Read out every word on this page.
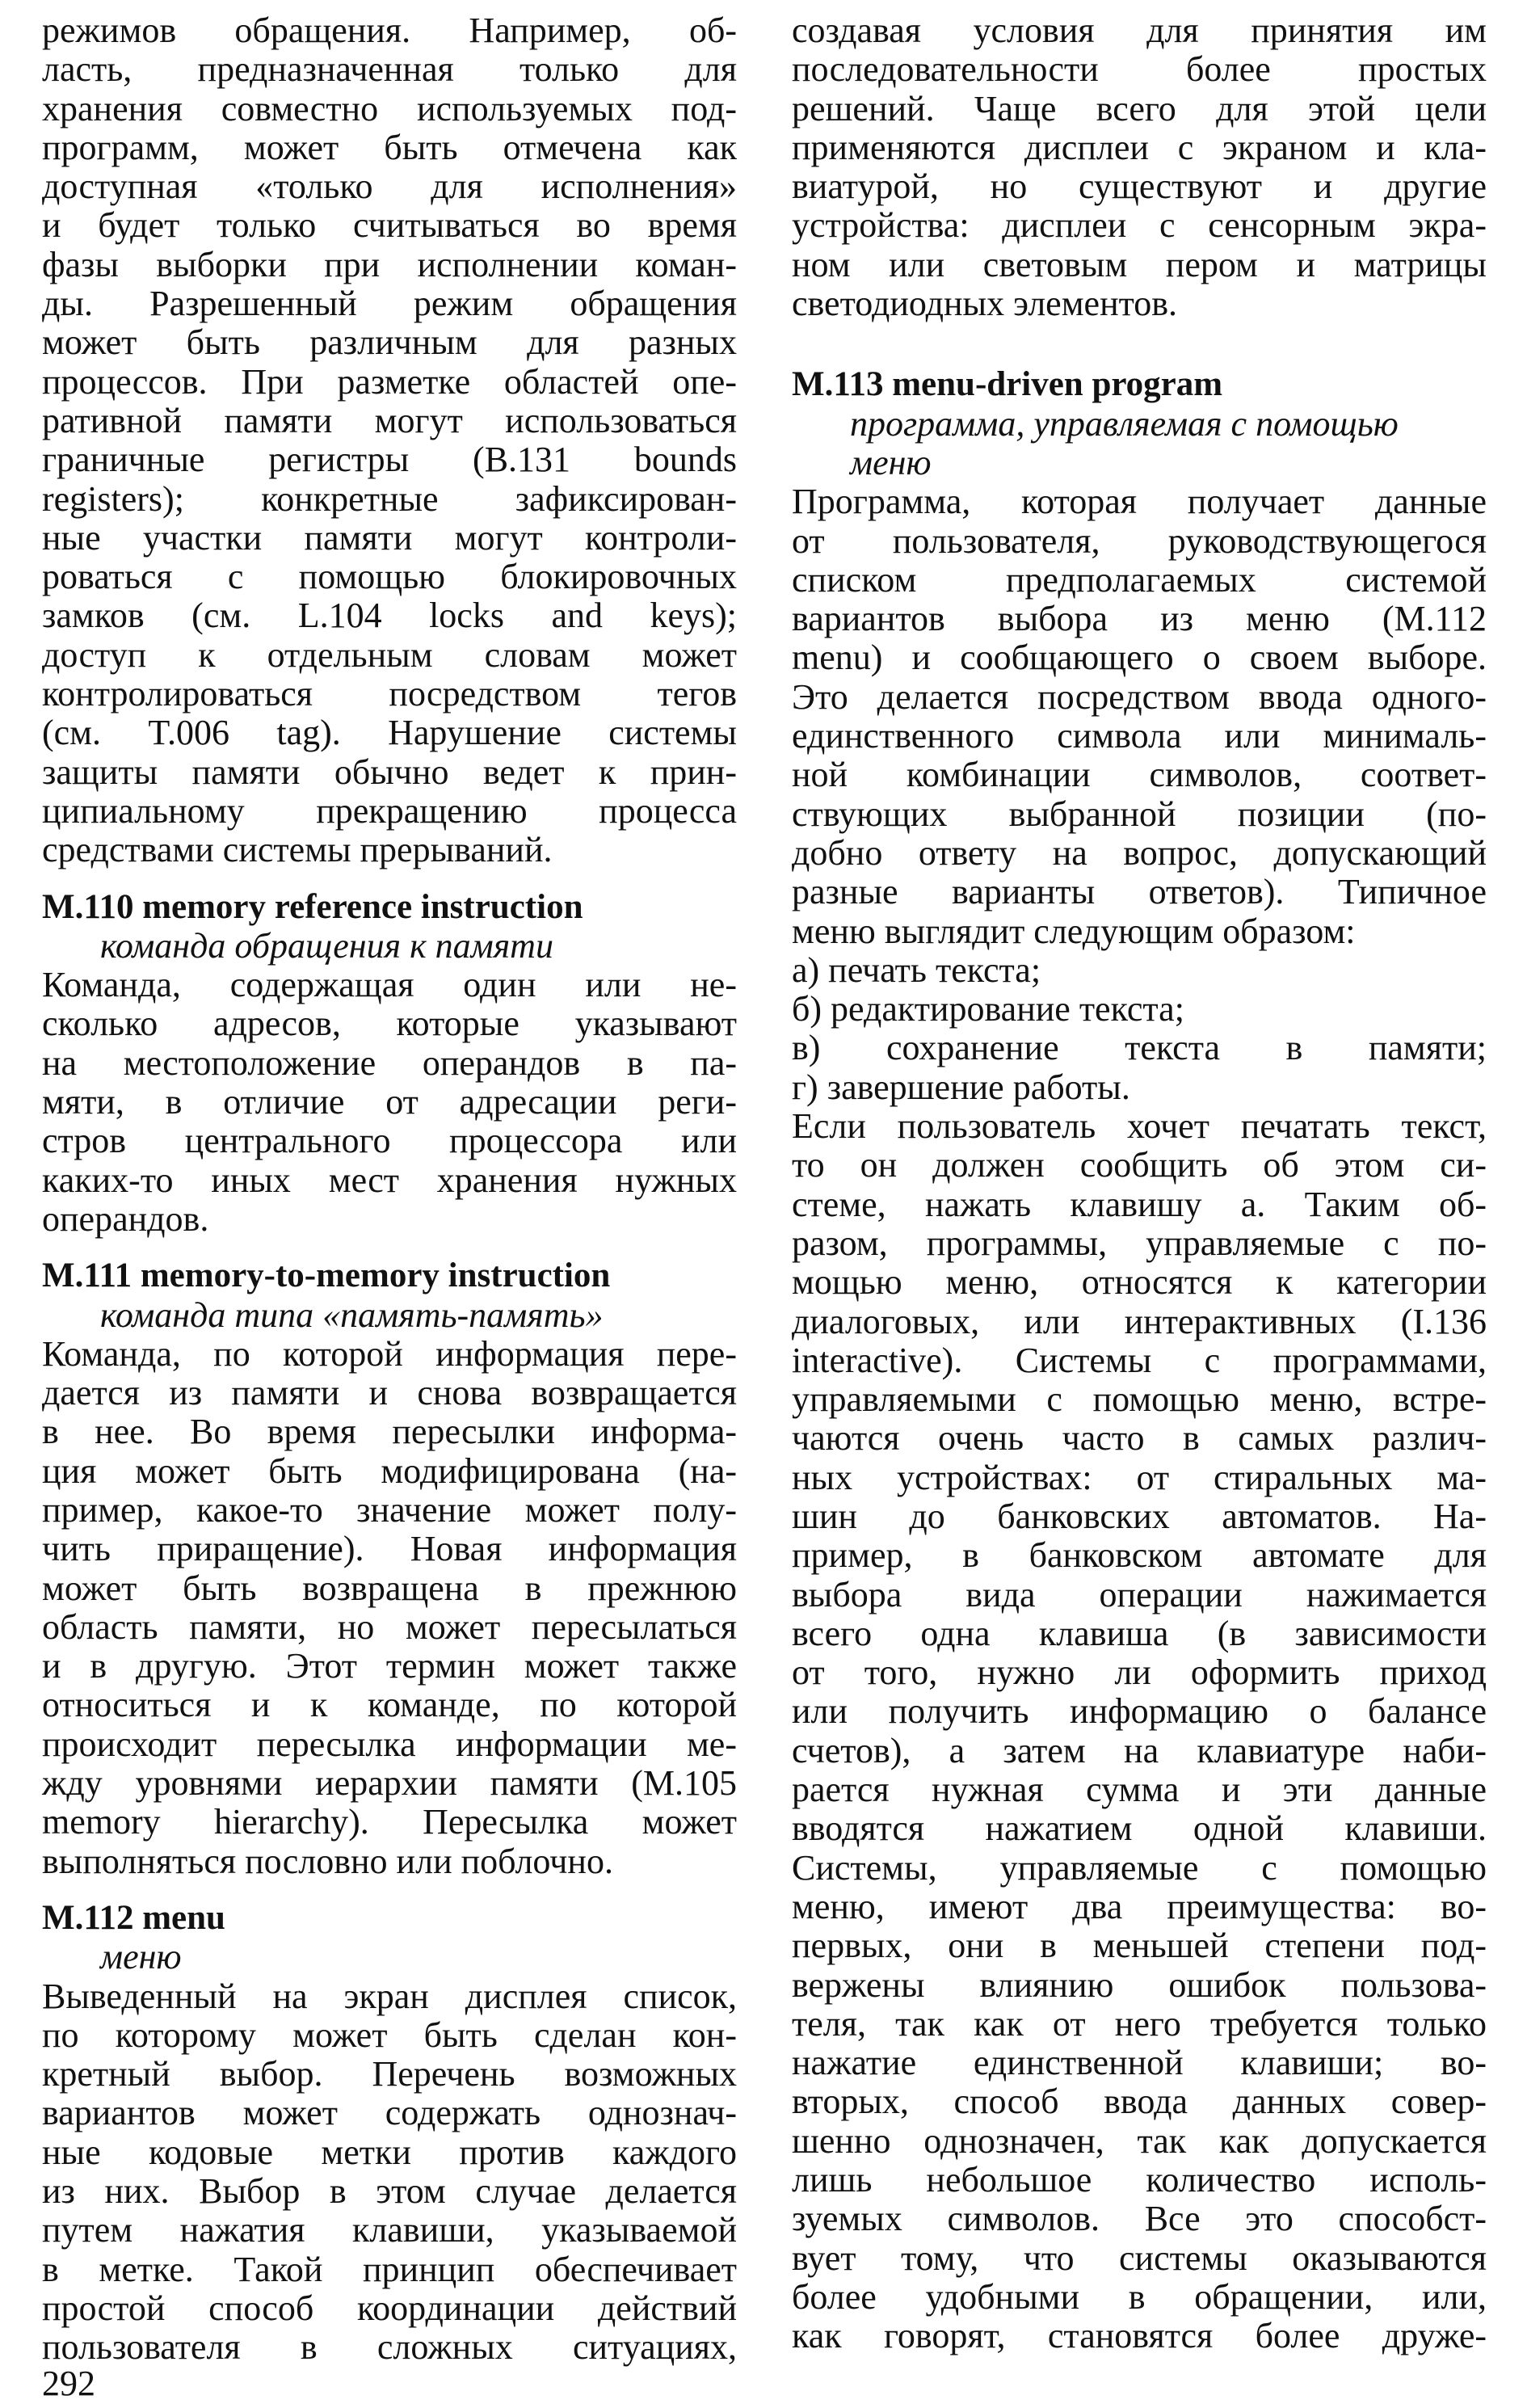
режимов обращения. Например, об-
ласть, предназначенная только для
хранения совместно используемых под-
программ, может быть отмечена как
доступная «только для исполнения»
и будет только считываться во время
фазы выборки при исполнении коман-
ды. Разрешенный режим обращения
может быть различным для разных
процессов. При разметке областей опе-
ративной памяти могут использоваться
граничные регистры (B.131 bounds
registers); конкретные зафиксирован-
ные участки памяти могут контроли-
роваться с помощью блокировочных
замков (см. L.104 locks and keys);
доступ к отдельным словам может
контролироваться посредством тегов
(см. T.006 tag). Нарушение системы
защиты памяти обычно ведет к прин-
ципиальному прекращению процесса
средствами системы прерываний.
M.110 memory reference instruction
команда обращения к памяти
Команда, содержащая один или не-
сколько адресов, которые указывают
на местоположение операндов в па-
мяти, в отличие от адресации реги-
стров центрального процессора или
каких-то иных мест хранения нужных
операндов.
M.111 memory-to-memory instruction
команда типа «память-память»
Команда, по которой информация пере-
дается из памяти и снова возвращается
в нее. Во время пересылки информа-
ция может быть модифицирована (на-
пример, какое-то значение может полу-
чить приращение). Новая информация
может быть возвращена в прежнюю
область памяти, но может пересылаться
и в другую. Этот термин может также
относиться и к команде, по которой
происходит пересылка информации ме-
жду уровнями иерархии памяти (M.105
memory hierarchy). Пересылка может
выполняться пословно или поблочно.
M.112 menu
меню
Выведенный на экран дисплея список,
по которому может быть сделан кон-
кретный выбор. Перечень возможных
вариантов может содержать однознач-
ные кодовые метки против каждого
из них. Выбор в этом случае делается
путем нажатия клавиши, указываемой
в метке. Такой принцип обеспечивает
простой способ координации действий
пользователя в сложных ситуациях,
создавая условия для принятия им
последовательности более простых
решений. Чаще всего для этой цели
применяются дисплеи с экраном и кла-
виатурой, но существуют и другие
устройства: дисплеи с сенсорным экра-
ном или световым пером и матрицы
светодиодных элементов.
M.113 menu-driven program
программа, управляемая с помощью
меню
Программа, которая получает данные
от пользователя, руководствующегося
списком предполагаемых системой
вариантов выбора из меню (M.112
menu) и сообщающего о своем выборе.
Это делается посредством ввода одного-
единственного символа или минималь-
ной комбинации символов, соответ-
ствующих выбранной позиции (по-
добно ответу на вопрос, допускающий
разные варианты ответов). Типичное
меню выглядит следующим образом:
а) печать текста;
б) редактирование текста;
в) сохранение текста в памяти;
г) завершение работы.
Если пользователь хочет печатать текст,
то он должен сообщить об этом си-
стеме, нажать клавишу а. Таким об-
разом, программы, управляемые с по-
мощью меню, относятся к категории
диалоговых, или интерактивных (I.136
interactive). Системы с программами,
управляемыми с помощью меню, встре-
чаются очень часто в самых различ-
ных устройствах: от стиральных ма-
шин до банковских автоматов. На-
пример, в банковском автомате для
выбора вида операции нажимается
всего одна клавиша (в зависимости
от того, нужно ли оформить приход
или получить информацию о балансе
счетов), а затем на клавиатуре наби-
рается нужная сумма и эти данные
вводятся нажатием одной клавиши.
Системы, управляемые с помощью
меню, имеют два преимущества: во-
первых, они в меньшей степени под-
вержены влиянию ошибок пользова-
теля, так как от него требуется только
нажатие единственной клавиши; во-
вторых, способ ввода данных совер-
шенно однозначен, так как допускается
лишь небольшое количество исполь-
зуемых символов. Все это способст-
вует тому, что системы оказываются
более удобными в обращении, или,
как говорят, становятся более друже-
292
